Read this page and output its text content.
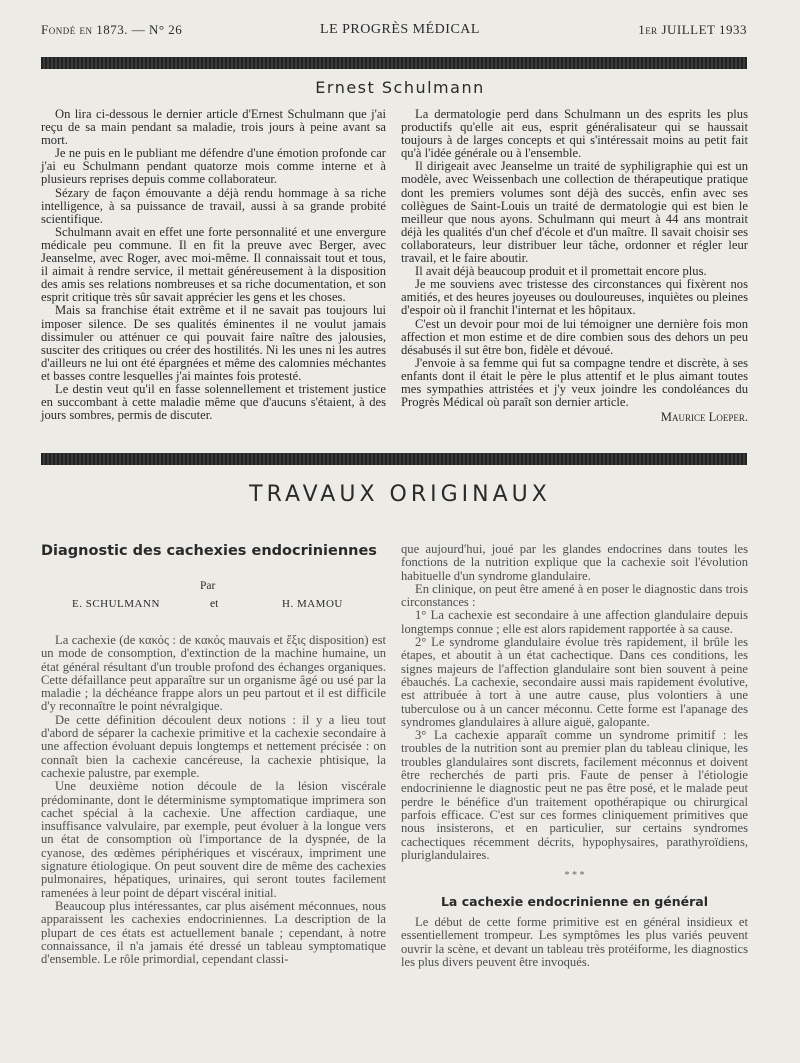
Fondé en 1873. — N° 26	LE PROGRÈS MÉDICAL	1er JUILLET 1933
Ernest Schulmann

On lira ci-dessous le dernier article d'Ernest Schulmann que j'ai reçu de sa main pendant sa maladie, trois jours à peine avant sa mort.

Je ne puis en le publiant me défendre d'une émotion profonde car j'ai eu Schulmann pendant quatorze mois comme interne et à plusieurs reprises depuis comme collaborateur.

Sézary de façon émouvante a déjà rendu hommage à sa riche intelligence, à sa puissance de travail, aussi à sa grande probité scientifique.

Schulmann avait en effet une forte personnalité et une envergure médicale peu commune. Il en fit la preuve avec Berger, avec Jeanselme, avec Roger, avec moi-même. Il connaissait tout et tous, il aimait à rendre service, il mettait généreusement à la disposition des amis ses relations nombreuses et sa riche documentation, et son esprit critique très sûr savait apprécier les gens et les choses.

Mais sa franchise était extrême et il ne savait pas toujours lui imposer silence. De ses qualités éminentes il ne voulut jamais dissimuler ou atténuer ce qui pouvait faire naître des jalousies, susciter des critiques ou créer des hostilités. Ni les unes ni les autres d'ailleurs ne lui ont été épargnées et même des calomnies méchantes et basses contre lesquelles j'ai maintes fois protesté.

Le destin veut qu'il en fasse solennellement et tristement justice en succombant à cette maladie même que d'aucuns s'étaient, à des jours sombres, permis de discuter.

La dermatologie perd dans Schulmann un des esprits les plus productifs qu'elle ait eus, esprit généralisateur qui se haussait toujours à de larges concepts et qui s'intéressait moins au petit fait qu'à l'idée générale ou à l'ensemble.

Il dirigeait avec Jeanselme un traité de syphiligraphie qui est un modèle, avec Weissenbach une collection de thérapeutique pratique dont les premiers volumes sont déjà des succès, enfin avec ses collègues de Saint-Louis un traité de dermatologie qui est bien le meilleur que nous ayons. Schulmann qui meurt à 44 ans montrait déjà les qualités d'un chef d'école et d'un maître. Il savait choisir ses collaborateurs, leur distribuer leur tâche, ordonner et régler leur travail, et le faire aboutir.

Il avait déjà beaucoup produit et il promettait encore plus.

Je me souviens avec tristesse des circonstances qui fixèrent nos amitiés, et des heures joyeuses ou douloureuses, inquiètes ou pleines d'espoir où il franchit l'internat et les hôpitaux.

C'est un devoir pour moi de lui témoigner une dernière fois mon affection et mon estime et de dire combien sous des dehors un peu désabusés il sut être bon, fidèle et dévoué.

J'envoie à sa femme qui fut sa compagne tendre et discrète, à ses enfants dont il était le père le plus attentif et le plus aimant toutes mes sympathies attristées et j'y veux joindre les condoléances du Progrès Médical où paraît son dernier article.

Maurice Loeper.
TRAVAUX ORIGINAUX
Diagnostic des cachexies endocriniennes
Par
E. SCHULMANN	et	H. MAMOU

La cachexie (de κακός : de κακός mauvais et ἕξις disposition) est un mode de consomption, d'extinction de la machine humaine, un état général résultant d'un trouble profond des échanges organiques. Cette défaillance peut apparaître sur un organisme âgé ou usé par la maladie ; la déchéance frappe alors un peu partout et il est difficile d'y reconnaître le point névralgique.

De cette définition découlent deux notions : il y a lieu tout d'abord de séparer la cachexie primitive et la cachexie secondaire à une affection évoluant depuis longtemps et nettement précisée : on connaît bien la cachexie cancéreuse, la cachexie phtisique, la cachexie palustre, par exemple.

Une deuxième notion découle de la lésion viscérale prédominante, dont le déterminisme symptomatique imprimera son cachet spécial à la cachexie. Une affection cardiaque, une insuffisance valvulaire, par exemple, peut évoluer à la longue vers un état de consomption où l'importance de la dyspnée, de la cyanose, des œdèmes périphériques et viscéraux, impriment une signature étiologique. On peut souvent dire de même des cachexies pulmonaires, hépatiques, urinaires, qui seront toutes facilement ramenées à leur point de départ viscéral initial.

Beaucoup plus intéressantes, car plus aisément méconnues, nous apparaissent les cachexies endocriniennes. La description de la plupart de ces états est actuellement banale ; cependant, à notre connaissance, il n'a jamais été dressé un tableau symptomatique d'ensemble. Le rôle primordial, cependant classi-

que aujourd'hui, joué par les glandes endocrines dans toutes les fonctions de la nutrition explique que la cachexie soit l'évolution habituelle d'un syndrome glandulaire.

En clinique, on peut être amené à en poser le diagnostic dans trois circonstances :

1° La cachexie est secondaire à une affection glandulaire depuis longtemps connue ; elle est alors rapidement rapportée à sa cause.

2° Le syndrome glandulaire évolue très rapidement, il brûle les étapes, et aboutit à un état cachectique. Dans ces conditions, les signes majeurs de l'affection glandulaire sont bien souvent à peine ébauchés. La cachexie, secondaire aussi mais rapidement évolutive, est attribuée à tort à une autre cause, plus volontiers à une tuberculose ou à un cancer méconnu. Cette forme est l'apanage des syndromes glandulaires à allure aiguë, galopante.

3° La cachexie apparaît comme un syndrome primitif : les troubles de la nutrition sont au premier plan du tableau clinique, les troubles glandulaires sont discrets, facilement méconnus et doivent être recherchés de parti pris. Faute de penser à l'étiologie endocrinienne le diagnostic peut ne pas être posé, et le malade peut perdre le bénéfice d'un traitement opothérapique ou chirurgical parfois efficace. C'est sur ces formes cliniquement primitives que nous insisterons, et en particulier, sur certains syndromes cachectiques récemment décrits, hypophysaires, parathyroïdiens, pluriglandulaires.

* * *
La cachexie endocrinienne en général

Le début de cette forme primitive est en général insidieux et essentiellement trompeur. Les symptômes les plus variés peuvent ouvrir la scène, et devant un tableau très protéiforme, les diagnostics les plus divers peuvent être invoqués.
